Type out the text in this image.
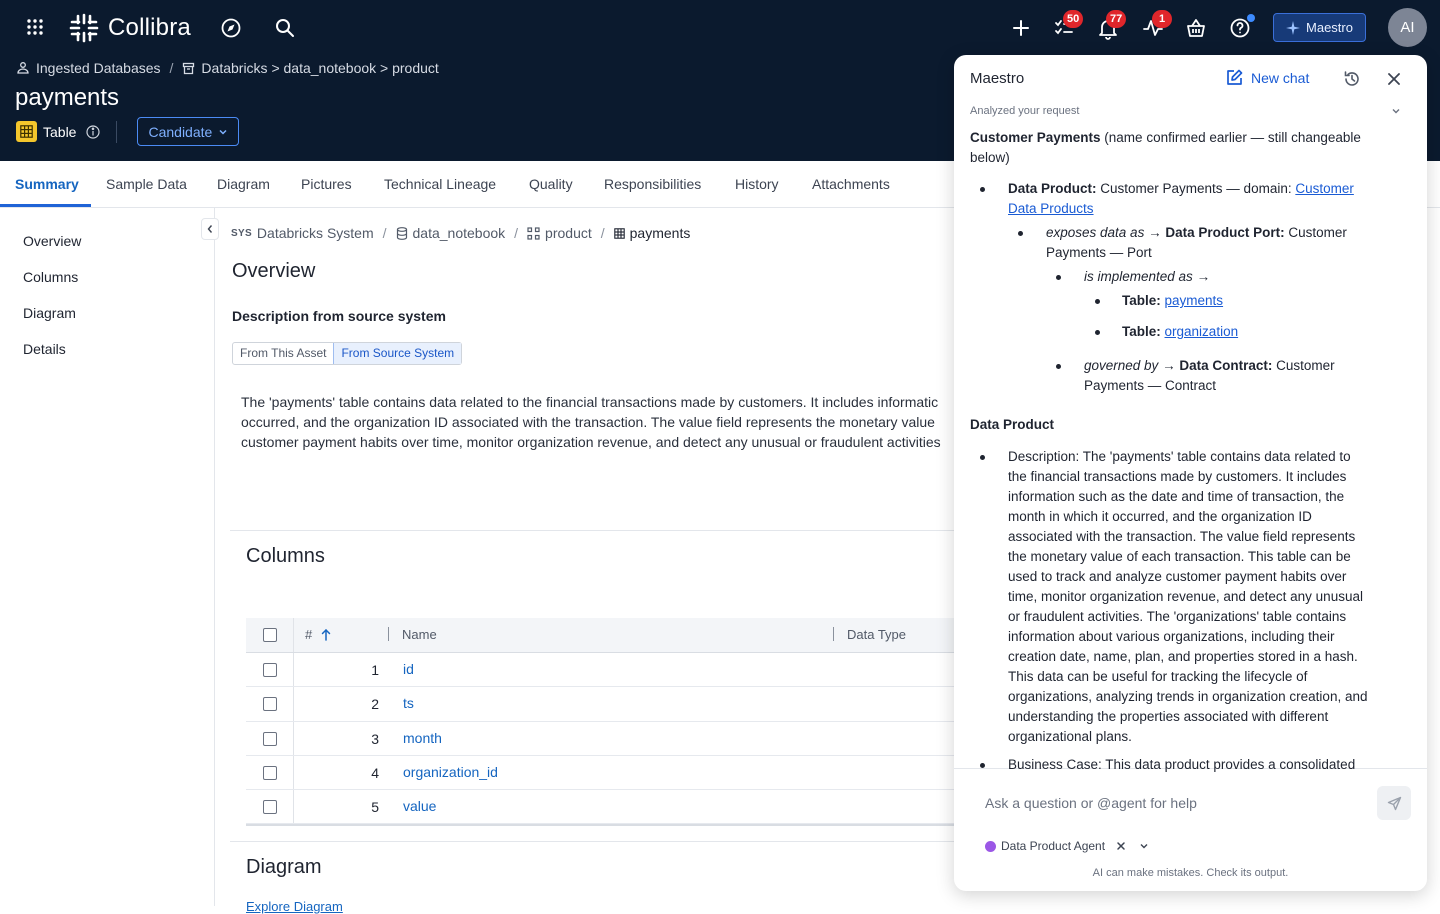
Collibra	50	77	1
Maestro	AI
Ingested Databases / Databricks > data_notebook > product
payments
Table	Candidate
Summary Sample Data Diagram Pictures Technical Lineage Quality Responsibilities History Attachments
Overview
Columns
Diagram
Details
SYS Databricks System / data_notebook / product / payments
Overview
Description from source system
From This Asset	From Source System
The 'payments' table contains data related to the financial transactions made by customers. It includes informatic
occurred, and the organization ID associated with the transaction. The value field represents the monetary value
customer payment habits over time, monitor organization revenue, and detect any unusual or fraudulent activities
Columns
#	Name	Data Type
1 id
2 ts
3 month
4 organization_id
5 value
Diagram
Explore Diagram
Maestro	New chat
Analyzed your request
Customer Payments (name confirmed earlier — still changeable
below)
Data Product: Customer Payments — domain: Customer
Data Products
exposes data as → Data Product Port: Customer
Payments — Port
is implemented as →
Table: payments
Table: organization
governed by → Data Contract: Customer
Payments — Contract
Data Product
Description: The 'payments' table contains data related to
the financial transactions made by customers. It includes
information such as the date and time of transaction, the
month in which it occurred, and the organization ID
associated with the transaction. The value field represents
the monetary value of each transaction. This table can be
used to track and analyze customer payment habits over
time, monitor organization revenue, and detect any unusual
or fraudulent activities. The 'organizations' table contains
information about various organizations, including their
creation date, name, plan, and properties stored in a hash.
This data can be useful for tracking the lifecycle of
organizations, analyzing trends in organization creation, and
understanding the properties associated with different
organizational plans.
Business Case: This data product provides a consolidated
Ask a question or @agent for help
Data Product Agent
AI can make mistakes. Check its output.
